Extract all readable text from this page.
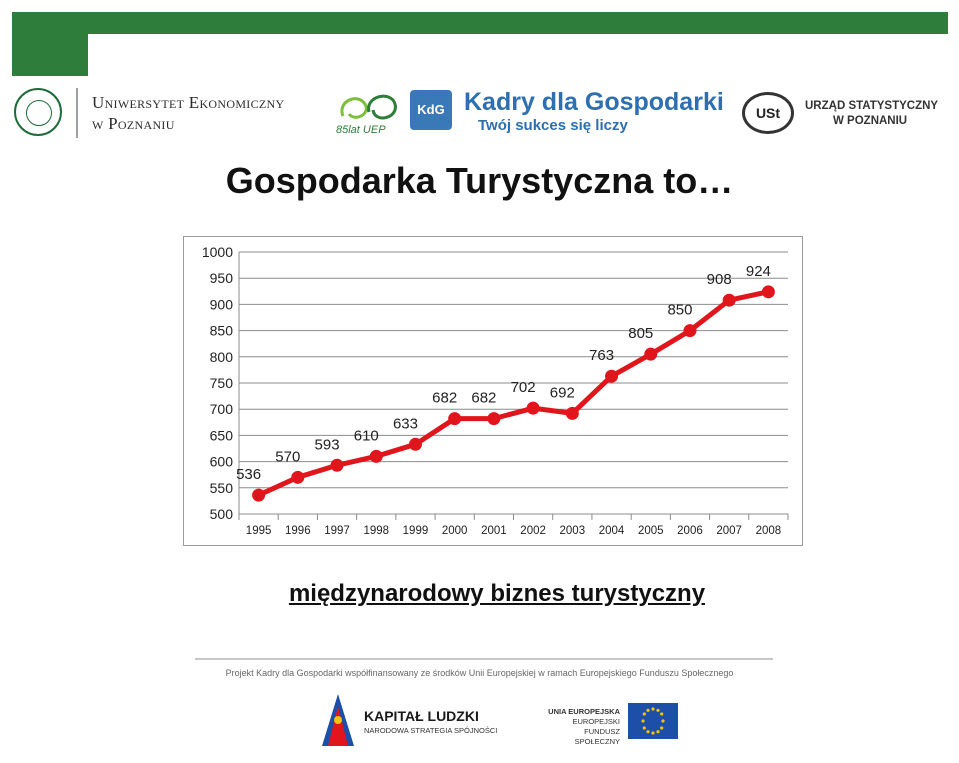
Uniwersytet Ekonomiczny
w Poznaniu	85lat UEP
KdG Kadry dla Gospodarki
Twój sukces się liczy
USt	URZĄD STATYSTYCZNY
W POZNANIU
Gospodarka Turystyczna to…
500
550
600
650
700
750
800
850
900
950
1000
1995 1996 1997 1998 1999 2000 2001 2002 2003 2004 2005 2006 2007 2008
536
570
593
610
633
682 682
702 692
763
805
850
908 924
międzynarodowy biznes turystyczny
Projekt Kadry dla Gospodarki współfinansowany ze środków Unii Europejskiej w ramach Europejskiego Funduszu Społecznego
KAPITAŁ LUDZKI
NARODOWA STRATEGIA SPÓJNOŚCI
UNIA EUROPEJSKA
EUROPEJSKI
FUNDUSZ SPOŁECZNY
